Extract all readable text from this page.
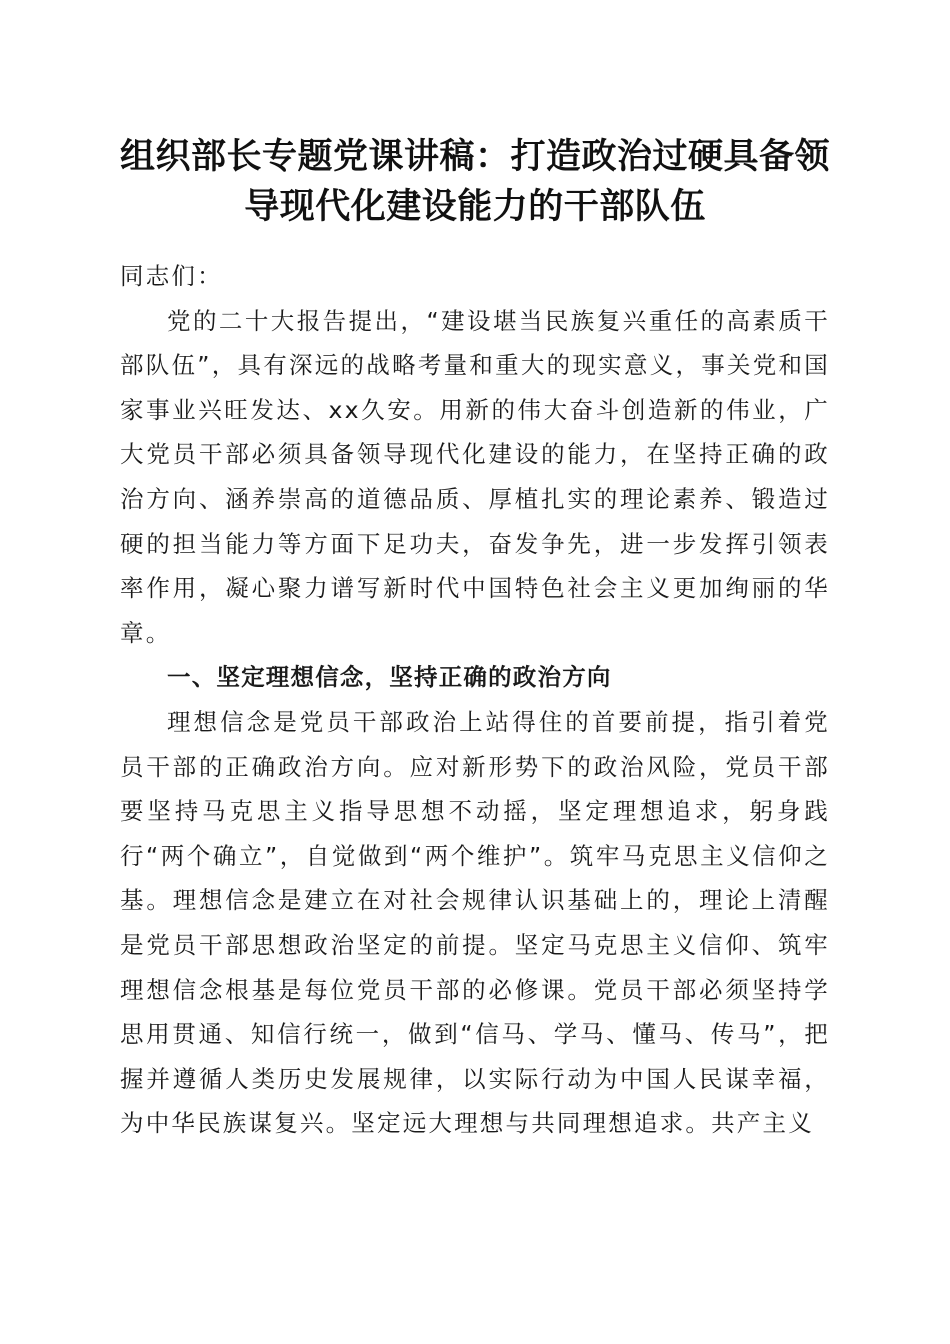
组织部长专题党课讲稿：打造政治过硬具备领
导现代化建设能力的干部队伍

同志们：

党的二十大报告提出，“建设堪当民族复兴重任的高素质干部队伍”，具有深远的战略考量和重大的现实意义，事关党和国家事业兴旺发达、xx久安。用新的伟大奋斗创造新的伟业，广大党员干部必须具备领导现代化建设的能力，在坚持正确的政治方向、涵养崇高的道德品质、厚植扎实的理论素养、锻造过硬的担当能力等方面下足功夫，奋发争先，进一步发挥引领表率作用，凝心聚力谱写新时代中国特色社会主义更加绚丽的华章。

一、坚定理想信念，坚持正确的政治方向

理想信念是党员干部政治上站得住的首要前提，指引着党员干部的正确政治方向。应对新形势下的政治风险，党员干部要坚持马克思主义指导思想不动摇，坚定理想追求，躬身践行“两个确立”，自觉做到“两个维护”。筑牢马克思主义信仰之基。理想信念是建立在对社会规律认识基础上的，理论上清醒是党员干部思想政治坚定的前提。坚定马克思主义信仰、筑牢理想信念根基是每位党员干部的必修课。党员干部必须坚持学思用贯通、知信行统一，做到“信马、学马、懂马、传马”，把握并遵循人类历史发展规律，以实际行动为中国人民谋幸福，为中华民族谋复兴。坚定远大理想与共同理想追求。共产主义
